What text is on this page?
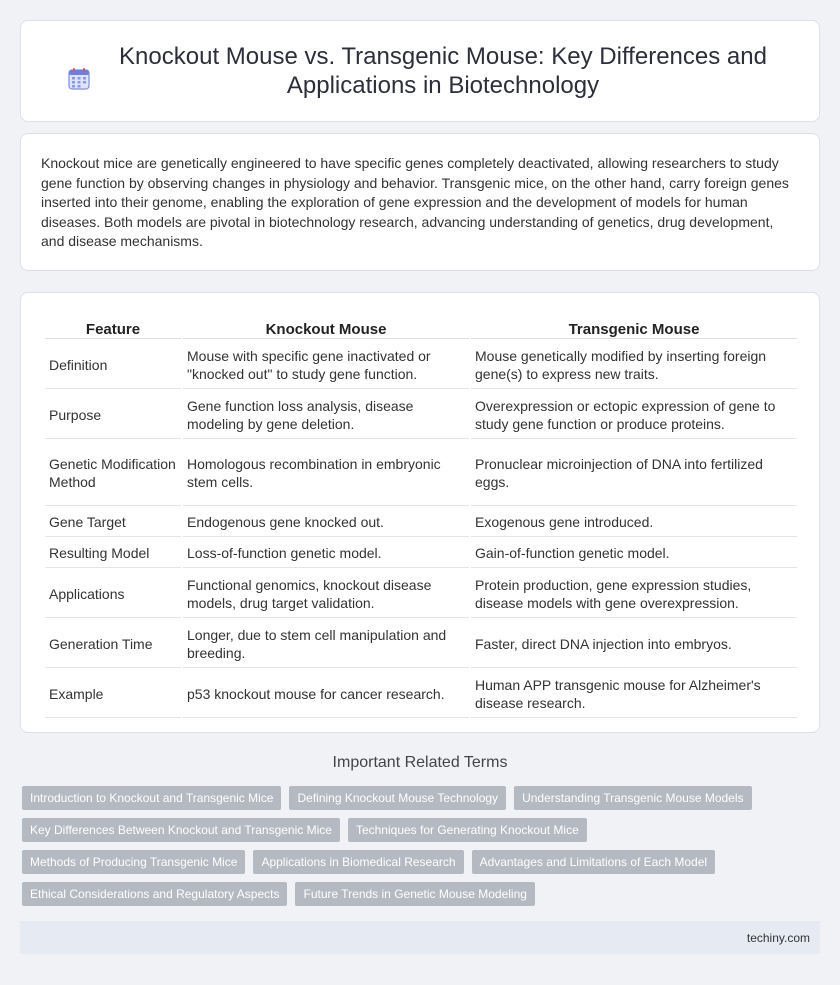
Knockout Mouse vs. Transgenic Mouse: Key Differences and Applications in Biotechnology

Knockout mice are genetically engineered to have specific genes completely deactivated, allowing researchers to study gene function by observing changes in physiology and behavior. Transgenic mice, on the other hand, carry foreign genes inserted into their genome, enabling the exploration of gene expression and the development of models for human diseases. Both models are pivotal in biotechnology research, advancing understanding of genetics, drug development, and disease mechanisms.

Feature	Knockout Mouse	Transgenic Mouse
Definition	Mouse with specific gene inactivated or "knocked out" to study gene function.	Mouse genetically modified by inserting foreign gene(s) to express new traits.
Purpose	Gene function loss analysis, disease modeling by gene deletion.	Overexpression or ectopic expression of gene to study gene function or produce proteins.
Genetic Modification Method	Homologous recombination in embryonic stem cells.	Pronuclear microinjection of DNA into fertilized eggs.
Gene Target	Endogenous gene knocked out.	Exogenous gene introduced.
Resulting Model	Loss-of-function genetic model.	Gain-of-function genetic model.
Applications	Functional genomics, knockout disease models, drug target validation.	Protein production, gene expression studies, disease models with gene overexpression.
Generation Time	Longer, due to stem cell manipulation and breeding.	Faster, direct DNA injection into embryos.
Example	p53 knockout mouse for cancer research.	Human APP transgenic mouse for Alzheimer's disease research.
Important Related Terms
Introduction to Knockout and Transgenic Mice	Defining Knockout Mouse Technology	Understanding Transgenic Mouse Models
Key Differences Between Knockout and Transgenic Mice	Techniques for Generating Knockout Mice
Methods of Producing Transgenic Mice	Applications in Biomedical Research	Advantages and Limitations of Each Model
Ethical Considerations and Regulatory Aspects	Future Trends in Genetic Mouse Modeling
techiny.com
